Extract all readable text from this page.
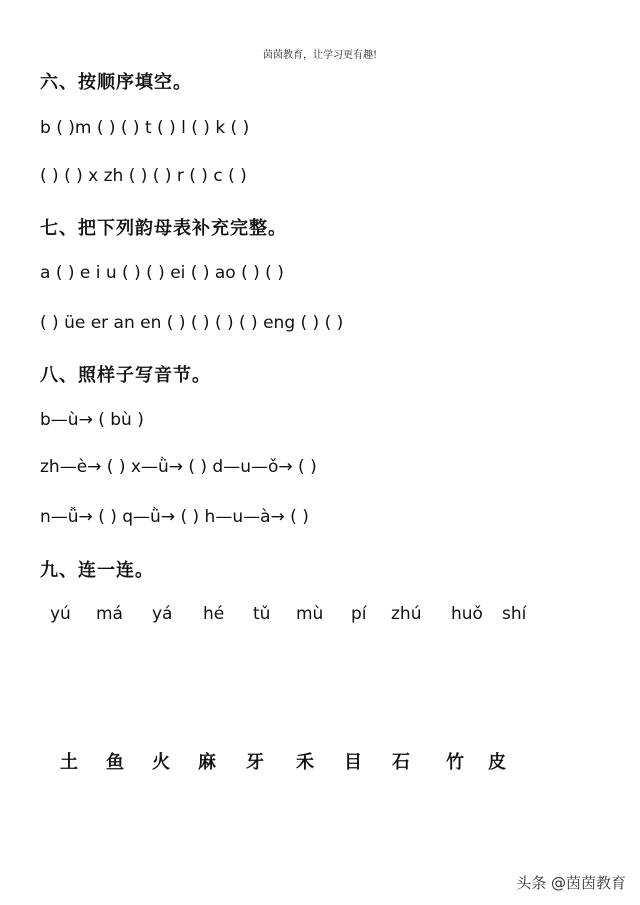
茵茵教育，让学习更有趣!
六、按顺序填空。
b ( )m ( ) ( ) t ( ) l ( ) k ( )
( ) ( ) x zh ( ) ( ) r ( ) c ( )
七、把下列韵母表补充完整。
a ( ) e i u ( ) ( ) ei ( ) ao ( ) ( )
( ) üe er an en ( ) ( ) ( ) ( ) eng ( ) ( )
八、照样子写音节。
b—ù→ ( bù )
zh—è→ ( ) x—ǜ→ ( ) d—u—ǒ→ ( )
n—ǚ→ ( ) q—ǜ→ ( ) h—u—à→ ( )
九、连一连。
yú má yá hé tǔ mù pí zhú huǒ shí
土 鱼 火 麻 牙 禾 目 石 竹 皮
头条 @茵茵教育
